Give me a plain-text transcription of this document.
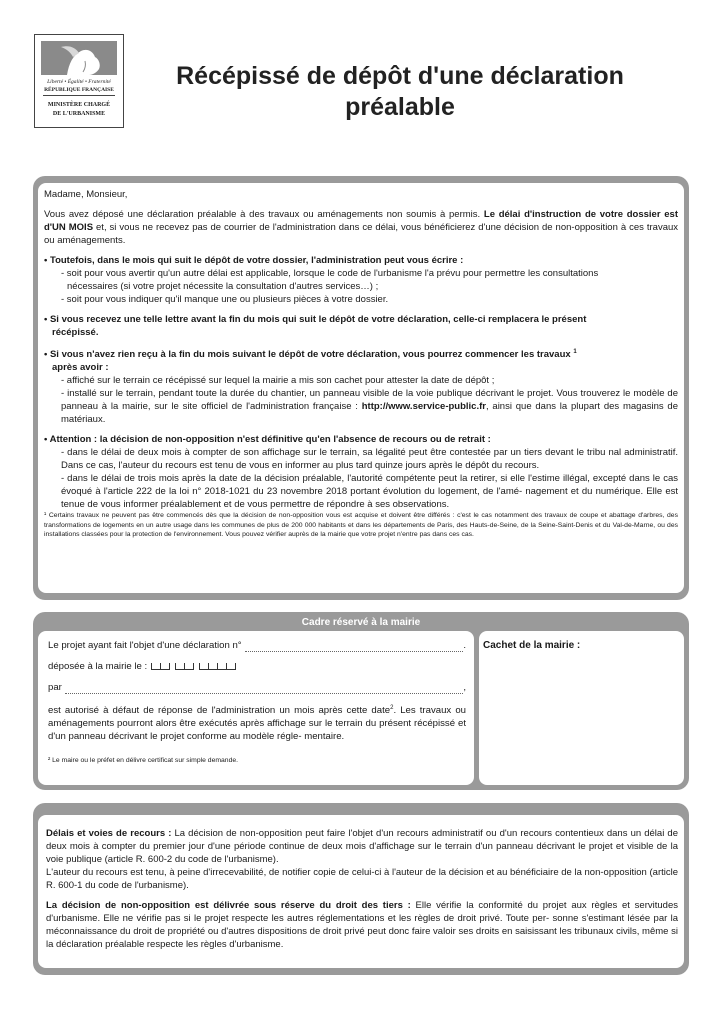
Liberté • Égalité • Fraternité
RÉPUBLIQUE FRANÇAISE
MINISTÈRE CHARGÉ
DE L'URBANISME
Récépissé de dépôt d'une déclaration
préalable

Madame, Monsieur,

Vous avez déposé une déclaration préalable à des travaux ou aménagements non soumis à permis. Le délai d'instruction de votre dossier est d'UN MOIS et, si vous ne recevez pas de courrier de l'administration dans ce délai, vous bénéficierez d'une décision de non-opposition à ces travaux ou aménagements.

• Toutefois, dans le mois qui suit le dépôt de votre dossier, l'administration peut vous écrire :

- soit pour vous avertir qu'un autre délai est applicable, lorsque le code de l'urbanisme l'a prévu pour permettre les consultations

nécessaires (si votre projet nécessite la consultation d'autres services…) ;

- soit pour vous indiquer qu'il manque une ou plusieurs pièces à votre dossier.

• Si vous recevez une telle lettre avant la fin du mois qui suit le dépôt de votre déclaration, celle-ci remplacera le présent

récépissé.

• Si vous n'avez rien reçu à la fin du mois suivant le dépôt de votre déclaration, vous pourrez commencer les travaux $^1$

après avoir :

- affiché sur le terrain ce récépissé sur lequel la mairie a mis son cachet pour attester la date de dépôt ;

- installé sur le terrain, pendant toute la durée du chantier, un panneau visible de la voie publique décrivant le projet. Vous trouverez le modèle de panneau à la mairie, sur le site officiel de l'administration française : http://www.service-public.fr, ainsi que dans la plupart des magasins de matériaux.

• Attention : la décision de non-opposition n'est définitive qu'en l'absence de recours ou de retrait :

- dans le délai de deux mois à compter de son affichage sur le terrain, sa légalité peut être contestée par un tiers devant le tribu nal administratif. Dans ce cas, l'auteur du recours est tenu de vous en informer au plus tard quinze jours après le dépôt du recours.

- dans le délai de trois mois après la date de la décision préalable, l'autorité compétente peut la retirer, si elle l'estime illégal, excepté dans le cas évoqué à l'article 222 de la loi n° 2018-1021 du 23 novembre 2018 portant évolution du logement, de l'amé- nagement et du numérique. Elle est tenue de vous informer préalablement et de vous permettre de répondre à ses observations.

¹ Certains travaux ne peuvent pas être commencés dès que la décision de non-opposition vous est acquise et doivent être différés : c'est le cas notamment des travaux de coupe et abattage d'arbres, des transformations de logements en un autre usage dans les communes de plus de 200 000 habitants et dans les départements de Paris, des Hauts-de-Seine, de la Seine-Saint-Denis et du Val-de-Marne, ou des installations classées pour la protection de l'environnement. Vous pouvez vérifier auprès de la mairie que votre projet n'entre pas dans ces cas.

Cadre réservé à la mairie
Le projet ayant fait l'objet d'une déclaration n°	.
déposée à la mairie le :
par	,

est autorisé à défaut de réponse de l'administration un mois après cette date$^2$. Les travaux ou aménagements pourront alors être exécutés après affichage sur le terrain du présent récépissé et d'un panneau décrivant le projet conforme au modèle régle- mentaire.

² Le maire ou le préfet en délivre certificat sur simple demande.

Cachet de la mairie :

Délais et voies de recours : La décision de non-opposition peut faire l'objet d'un recours administratif ou d'un recours contentieux dans un délai de deux mois à compter du premier jour d'une période continue de deux mois d'affichage sur le terrain d'un panneau décrivant le projet et visible de la voie publique (article R. 600-2 du code de l'urbanisme).

L'auteur du recours est tenu, à peine d'irrecevabilité, de notifier copie de celui-ci à l'auteur de la décision et au bénéficiaire de la non-opposition (article R. 600-1 du code de l'urbanisme).

La décision de non-opposition est délivrée sous réserve du droit des tiers : Elle vérifie la conformité du projet aux règles et servitudes d'urbanisme. Elle ne vérifie pas si le projet respecte les autres réglementations et les règles de droit privé. Toute per- sonne s'estimant lésée par la méconnaissance du droit de propriété ou d'autres dispositions de droit privé peut donc faire valoir ses droits en saisissant les tribunaux civils, même si la déclaration préalable respecte les règles d'urbanisme.
